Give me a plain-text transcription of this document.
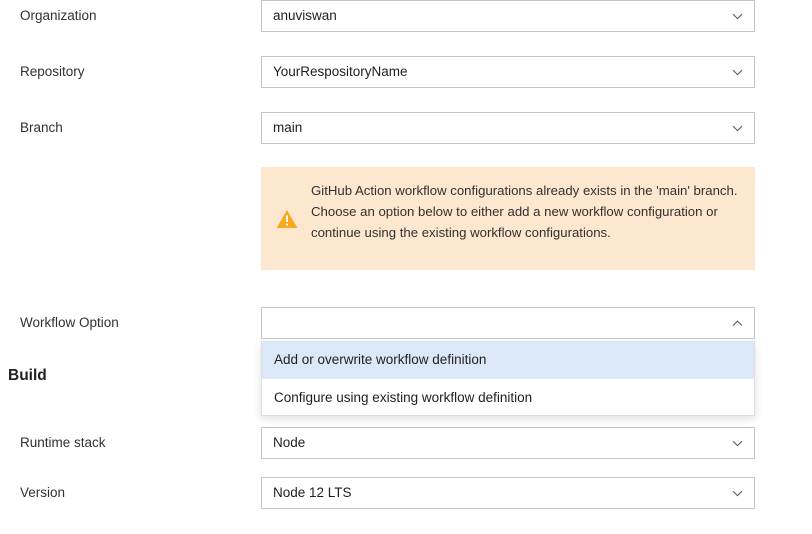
Organization	anuviswan
Repository	YourRespositoryName
Branch	main
GitHub Action workflow configurations already exists in the 'main' branch. Choose an option below to either add a new workflow configuration or continue using the existing workflow configurations.
Workflow Option
Add or overwrite workflow definition
Configure using existing workflow definition
Build
Runtime stack	Node
Version	Node 12 LTS
